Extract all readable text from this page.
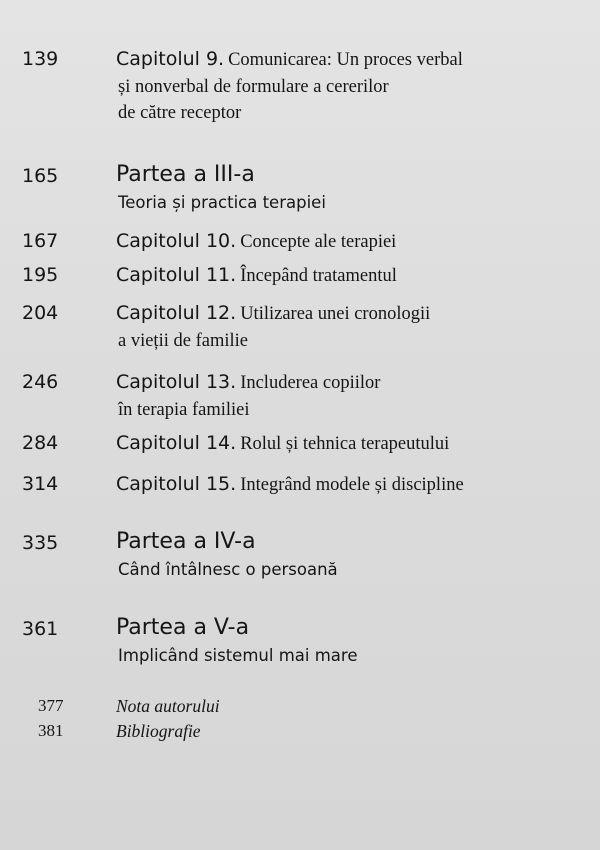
139	Capitolul 9. Comunicarea: Un proces verbal

și nonverbal de formulare a cererilor

de către receptor

165	Partea a III-a

Teoria și practica terapiei

167	Capitolul 10. Concepte ale terapiei

195	Capitolul 11. Începând tratamentul

204	Capitolul 12. Utilizarea unei cronologii

a vieții de familie

246	Capitolul 13. Includerea copiilor

în terapia familiei

284	Capitolul 14. Rolul și tehnica terapeutului

314	Capitolul 15. Integrând modele și discipline

335	Partea a IV-a

Când întâlnesc o persoană

361	Partea a V-a

Implicând sistemul mai mare

377	Nota autorului

381	Bibliografie
